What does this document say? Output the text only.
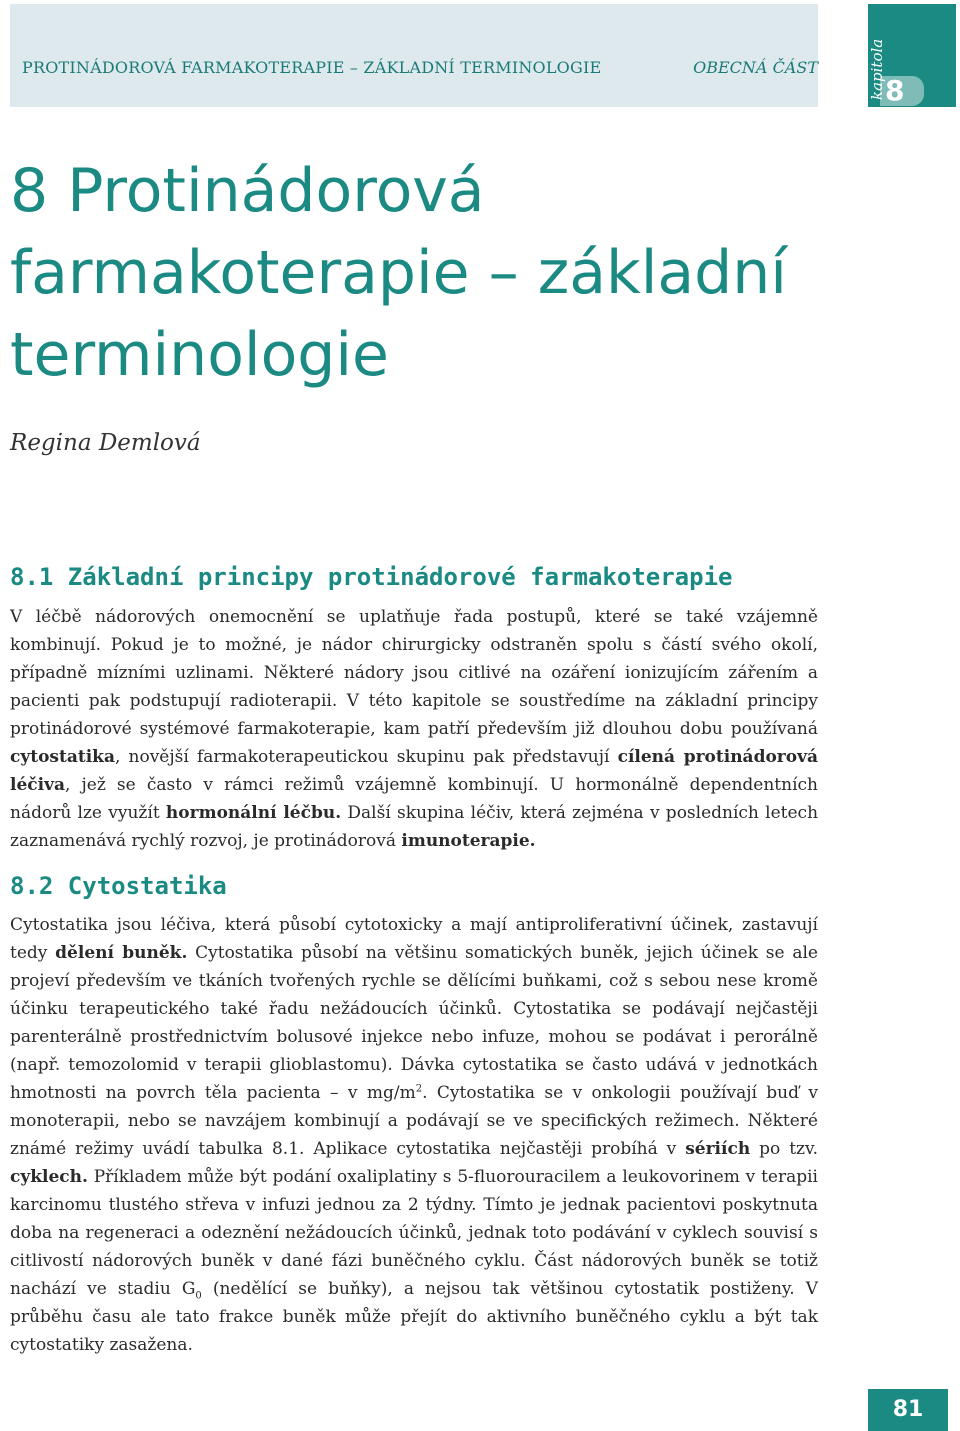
PROTINÁDOROVÁ FARMAKOTERAPIE – ZÁKLADNÍ TERMINOLOGIE	OBECNÁ ČÁST	kapitola 8
8 Protinádorová
farmakoterapie – základní
terminologie
Regina Demlová
8.1 Základní principy protinádorové farmakoterapie

V léčbě nádorových onemocnění se uplatňuje řada postupů, které se také vzájemně kombinují. Pokud je to možné, je nádor chirurgicky odstraněn spolu s částí svého okolí, případně mízními uzlinami. Některé nádory jsou citlivé na ozáření ionizujícím zářením a pacienti pak podstupují radioterapii. V této kapitole se soustředíme na základní principy protinádorové systémové farmakoterapie, kam patří především již dlouhou dobu používaná cytostatika, novější farmakoterapeutickou skupinu pak představují cílená protinádorová léčiva, jež se často v rámci režimů vzájemně kombinují. U hormonálně dependentních nádorů lze využít hormonální léčbu. Další skupina léčiv, která zejména v posledních letech zaznamenává rychlý rozvoj, je protinádorová imunoterapie.

8.2 Cytostatika

Cytostatika jsou léčiva, která působí cytotoxicky a mají antiproliferativní účinek, zastavují tedy dělení buněk. Cytostatika působí na většinu somatických buněk, jejich účinek se ale projeví především ve tkáních tvořených rychle se dělícími buňkami, což s sebou nese kromě účinku terapeutického také řadu nežádoucích účinků. Cytostatika se podávají nejčastěji parenterálně prostřednictvím bolusové injekce nebo infuze, mohou se podávat i perorálně (např. temozolomid v terapii glioblastomu). Dávka cytostatika se často udává v jednotkách hmotnosti na povrch těla pacienta – v $mg/m^2$. Cytostatika se v onkologii používají buď v monoterapii, nebo se navzájem kombinují a podávají se ve specifických režimech. Některé známé režimy uvádí tabulka 8.1. Aplikace cytostatika nejčastěji probíhá v sériích po tzv. cyklech. Příkladem může být podání oxaliplatiny s 5-fluorouracilem a leukovorinem v terapii karcinomu tlustého střeva v infuzi jednou za 2 týdny. Tímto je jednak pacientovi poskytnuta doba na regeneraci a odeznění nežádoucích účinků, jednak toto podávání v cyklech souvisí s citlivostí nádorových buněk v dané fázi buněčného cyklu. Část nádorových buněk se totiž nachází ve stadiu $G_0$ (nedělící se buňky), a nejsou tak většinou cytostatik postiženy. V průběhu času ale tato frakce buněk může přejít do aktivního buněčného cyklu a být tak cytostatiky zasažena.

81
